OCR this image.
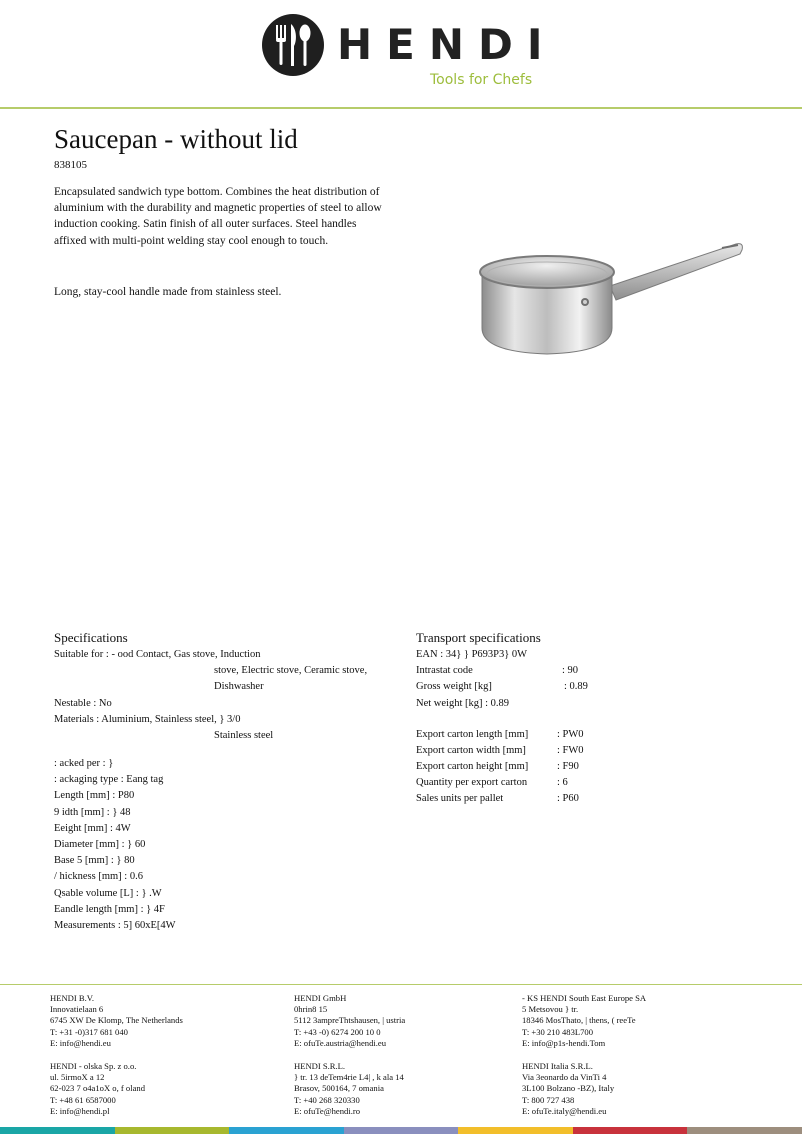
HENDI
Tools for Chefs
Saucepan - without lid
838105
Encapsulated sandwich type bottom. Combines the heat distribution of aluminium with the durability and magnetic properties of steel to allow induction cooking. Satin finish of all outer surfaces. Steel handles affixed with multi-point welding stay cool enough to touch.
Long, stay-cool handle made from stainless steel.
Specifications
Suitable for : - ood Contact, Gas stove, Induction
stove, Electric stove, Ceramic stove,
Dishwasher
Nestable : No
Materials : Aluminium, Stainless steel, } 3/0
Stainless steel
: acked per : }
: ackaging type : Eang tag
Length [mm] : P80
9 idth [mm] : } 48
Eeight [mm] : 4W
Diameter [mm] : } 60
Base 5 [mm] : } 80
/ hickness [mm] : 0.6
Qsable volume [L] : } .W
Eandle length [mm] : } 4F
Measurements : 5] 60xE[4W
Transport specifications
EAN : 34} } P693P3} 0W
Intrastat code	: 90
Gross weight [kg]	: 0.89
Net weight [kg] : 0.89
Export carton length [mm]	: PW0
Export carton width [mm]	: FW0
Export carton height [mm]	: F90
Quantity per export carton	: 6
Sales units per pallet	: P60
HENDI B.V.
Innovatielaan 6
6745 XW De Klomp, The Netherlands
T: +31 -0)317 681 040
E: info@hendi.eu
HENDI - olska Sp. z o.o.
ul. 5irmoX a 12
62-023 7 o4a1oX o, f oland
T: +48 61 6587000
E: info@hendi.pl
HENDI GmbH
0hrin8 15
5112 3ampreThtshausen, | ustria
T: +43 -0) 6274 200 10 0
E: ofuTe.austria@hendi.eu
HENDI S.R.L.
} tr. 13 deTem4rie L4| , k ala 14
Brasov, 500164, 7 omania
T: +40 268 320330
E: ofuTe@hendi.ro
- KS HENDI South East Europe SA
5 Metsovou } tr.
18346 MosThato, | thens, ( reeTe
T: +30 210 483L700
E: info@p1s-hendi.Tom
HENDI Italia S.R.L.
Via 3eonardo da VinTi 4
3L100 Bolzano -BZ), Italy
T: 800 727 438
E: ofuTe.italy@hendi.eu
